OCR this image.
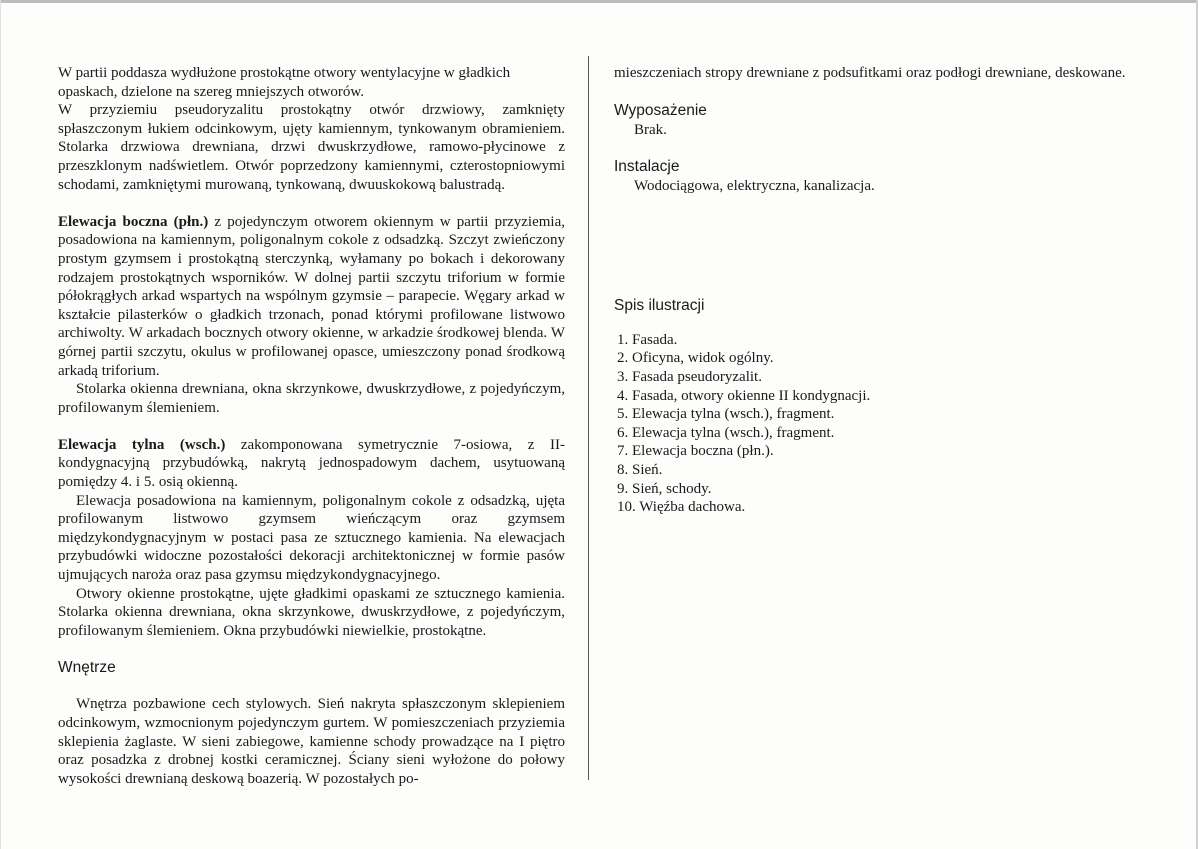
W partii poddasza wydłużone prostokątne otwory wentylacyjne w gładkich opaskach, dzielone na szereg mniejszych otworów.

W przyziemiu pseudoryzalitu prostokątny otwór drzwiowy, zamknięty spłaszczonym łukiem odcinkowym, ujęty kamiennym, tynkowanym obramieniem. Stolarka drzwiowa drewniana, drzwi dwuskrzydłowe, ramowo-płycinowe z przeszklonym nadświetlem. Otwór poprzedzony kamiennymi, czterostopniowymi schodami, zamkniętymi murowaną, tynkowaną, dwuuskokową balustradą.

Elewacja boczna (płn.) z pojedynczym otworem okiennym w partii przyziemia, posadowiona na kamiennym, poligonalnym cokole z odsadzką. Szczyt zwieńczony prostym gzymsem i prostokątną sterczynką, wyłamany po bokach i dekorowany rodzajem prostokątnych wsporników. W dolnej partii szczytu triforium w formie półokrągłych arkad wspartych na wspólnym gzymsie – parapecie. Węgary arkad w kształcie pilasterków o gładkich trzonach, ponad którymi profilowane listwowo archiwolty. W arkadach bocznych otwory okienne, w arkadzie środkowej blenda. W górnej partii szczytu, okulus w profilowanej opasce, umieszczony ponad środkową arkadą triforium.

Stolarka okienna drewniana, okna skrzynkowe, dwuskrzydłowe, z pojedyńczym, profilowanym ślemieniem.

Elewacja tylna (wsch.) zakomponowana symetrycznie 7-osiowa, z II-kondygnacyjną przybudówką, nakrytą jednospadowym dachem, usytuowaną pomiędzy 4. i 5. osią okienną.

Elewacja posadowiona na kamiennym, poligonalnym cokole z odsadzką, ujęta profilowanym listwowo gzymsem wieńczącym oraz gzymsem międzykondygnacyjnym w postaci pasa ze sztucznego kamienia. Na elewacjach przybudówki widoczne pozostałości dekoracji architektonicznej w formie pasów ujmujących naroża oraz pasa gzymsu międzykondygnacyjnego.

Otwory okienne prostokątne, ujęte gładkimi opaskami ze sztucznego kamienia. Stolarka okienna drewniana, okna skrzynkowe, dwuskrzydłowe, z pojedyńczym, profilowanym ślemieniem. Okna przybudówki niewielkie, prostokątne.

Wnętrze

Wnętrza pozbawione cech stylowych. Sień nakryta spłaszczonym sklepieniem odcinkowym, wzmocnionym pojedynczym gurtem. W pomieszczeniach przyziemia sklepienia żaglaste. W sieni zabiegowe, kamienne schody prowadzące na I piętro oraz posadzka z drobnej kostki ceramicznej. Ściany sieni wyłożone do połowy wysokości drewnianą deskową boazerią. W pozostałych po-

mieszczeniach stropy drewniane z podsufitkami oraz podłogi drewniane, deskowane.

Wyposażenie
Brak.
Instalacje
Wodociągowa, elektryczna, kanalizacja.
Spis ilustracji
1. Fasada.
2. Oficyna, widok ogólny.
3. Fasada pseudoryzalit.
4. Fasada, otwory okienne II kondygnacji.
5. Elewacja tylna (wsch.), fragment.
6. Elewacja tylna (wsch.), fragment.
7. Elewacja boczna (płn.).
8. Sień.
9. Sień, schody.
10. Więźba dachowa.
